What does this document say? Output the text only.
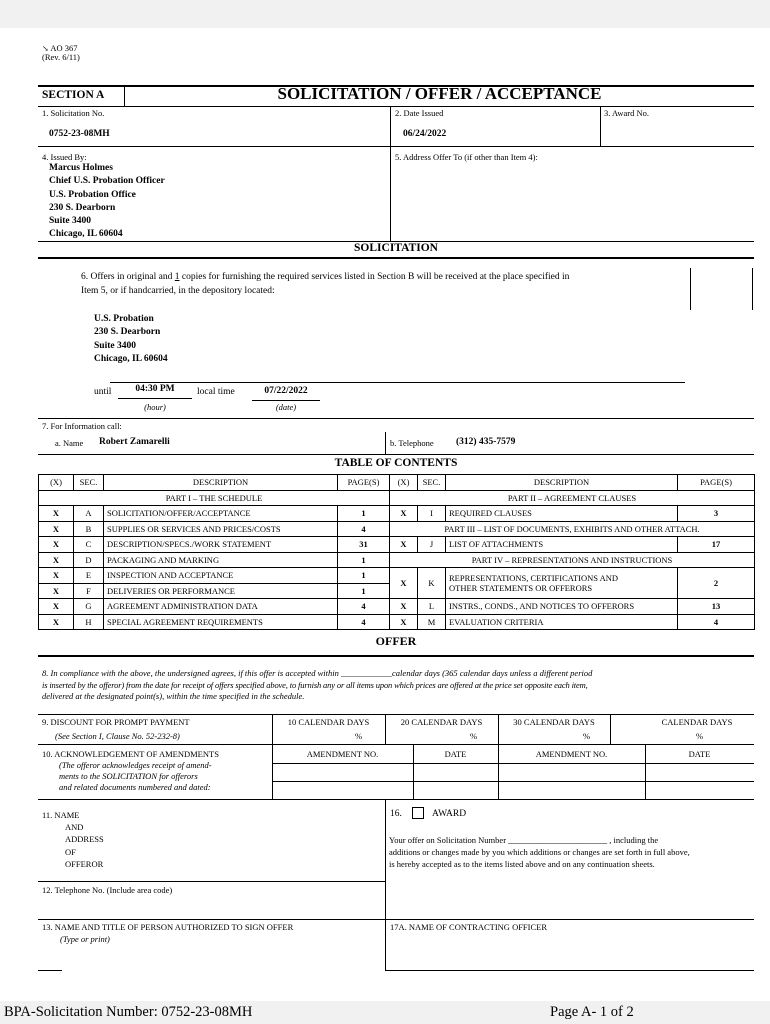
↘ AO 367
(Rev. 6/11)
SECTION A	SOLICITATION / OFFER / ACCEPTANCE
1. Solicitation No.
0752-23-08MH
2. Date Issued
06/24/2022
3. Award No.
4. Issued By:
Marcus Holmes
Chief U.S. Probation Officer
U.S. Probation Office
230 S. Dearborn
Suite 3400
Chicago, IL 60604
5. Address Offer To (if other than Item 4):
SOLICITATION
6. Offers in original and 1 copies for furnishing the required services listed in Section B will be received at the place specified in
Item 5, or if handcarried, in the depository located:
U.S. Probation
230 S. Dearborn
Suite 3400
Chicago, IL 60604
until	04:30 PM
(hour)
local time	07/22/2022
(date)
7. For Information call:
a. Name Robert Zamarelli	b. Telephone (312) 435-7579
TABLE OF CONTENTS
(X)	SEC.	DESCRIPTION	PAGE(S)	(X)	SEC.	DESCRIPTION	PAGE(S)
PART I – THE SCHEDULE				PART II – AGREEMENT CLAUSES			
X	A	SOLICITATION/OFFER/ACCEPTANCE	1	X	I	REQUIRED CLAUSES	3
X	B	SUPPLIES OR SERVICES AND PRICES/COSTS	4	PART III – LIST OF DOCUMENTS, EXHIBITS AND OTHER ATTACH.			
X	C	DESCRIPTION/SPECS./WORK STATEMENT	31	X	J	LIST OF ATTACHMENTS	17
X	D	PACKAGING AND MARKING	1	PART IV – REPRESENTATIONS AND INSTRUCTIONS			
X	E	INSPECTION AND ACCEPTANCE	1	X	K	REPRESENTATIONS, CERTIFICATIONS AND
OTHER STATEMENTS OR OFFERORS	2
X	F	DELIVERIES OR PERFORMANCE	1				
X	G	AGREEMENT ADMINISTRATION DATA	4	X	L	INSTRS., CONDS., AND NOTICES TO OFFERORS	13
X	H	SPECIAL AGREEMENT REQUIREMENTS	4	X	M	EVALUATION CRITERIA	4
OFFER
8. In compliance with the above, the undersigned agrees, if this offer is accepted within ____________calendar days (365 calendar days unless a different period
is inserted by the offeror) from the date for receipt of offers specified above, to furnish any or all items upon which prices are offered at the price set opposite each item,
delivered at the designated point(s), within the time specified in the schedule.
9. DISCOUNT FOR PROMPT PAYMENT
(See Section I, Clause No. 52-232-8)
10 CALENDAR DAYS	20 CALENDAR DAYS	30 CALENDAR DAYS	CALENDAR DAYS
%	%	%	%
10. ACKNOWLEDGEMENT OF AMENDMENTS
(The offeror acknowledges receipt of amend-
ments to the SOLICITATION for offerors
and related documents numbered and dated:
AMENDMENT NO.	DATE	AMENDMENT NO.	DATE
11. NAME
AND
ADDRESS
OF
OFFEROR
16.	AWARD
Your offer on Solicitation Number ______________________ , including the
additions or changes made by you which additions or changes are set forth in full above,
is hereby accepted as to the items listed above and on any continuation sheets.
12. Telephone No. (Include area code)
13. NAME AND TITLE OF PERSON AUTHORIZED TO SIGN OFFER
(Type or print)
17A. NAME OF CONTRACTING OFFICER
BPA-Solicitation Number: 0752-23-08MH	Page A- 1 of 2
